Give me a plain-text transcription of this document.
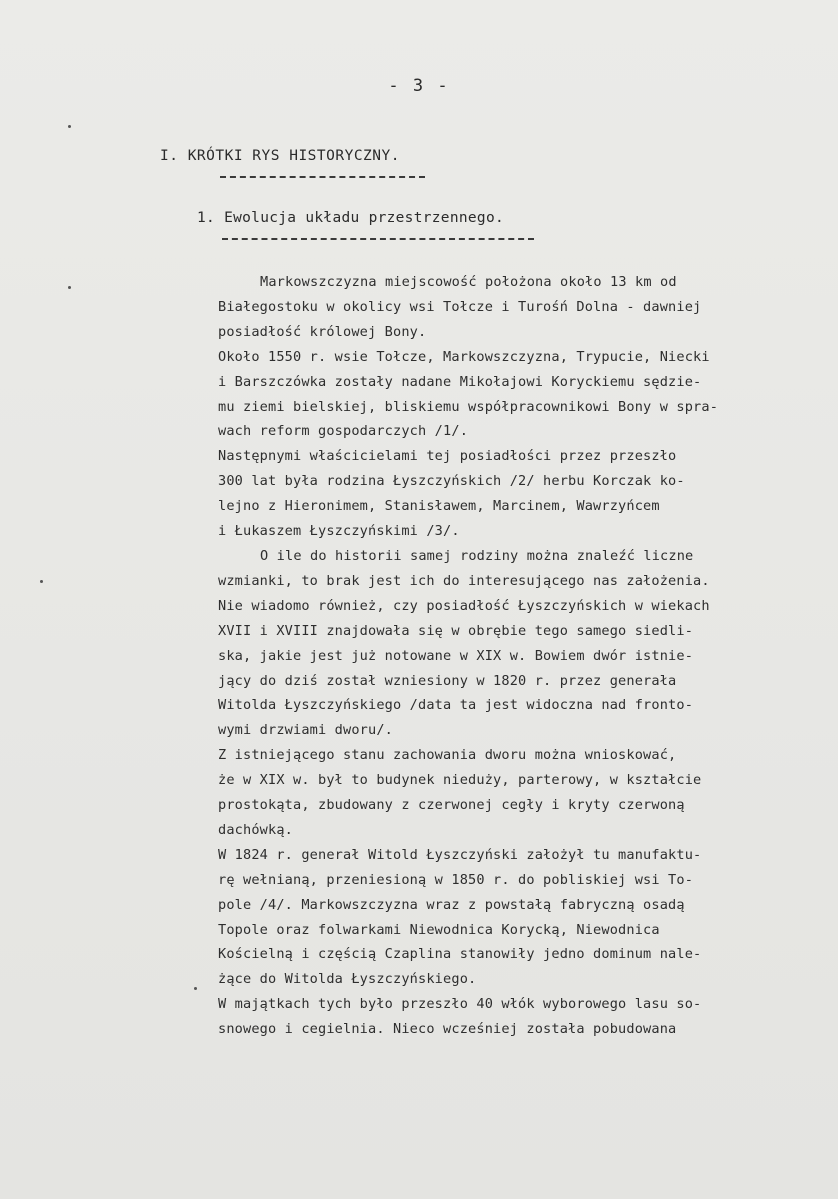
- 3 -
I. KRÓTKI RYS HISTORYCZNY.
1. Ewolucja układu przestrzennego.
Markowszczyzna miejscowość położona około 13 km od
Białegostoku w okolicy wsi Tołcze i Turośń Dolna - dawniej
posiadłość królowej Bony.
Około 1550 r. wsie Tołcze, Markowszczyzna, Trypucie, Niecki
i Barszczówka zostały nadane Mikołajowi Koryckiemu sędzie-
mu ziemi bielskiej, bliskiemu współpracownikowi Bony w spra-
wach reform gospodarczych /1/.
Następnymi właścicielami tej posiadłości przez przeszło
300 lat była rodzina Łyszczyńskich /2/ herbu Korczak ko-
lejno z Hieronimem, Stanisławem, Marcinem, Wawrzyńcem
i Łukaszem Łyszczyńskimi /3/.
O ile do historii samej rodziny można znaleźć liczne
wzmianki, to brak jest ich do interesującego nas założenia.
Nie wiadomo również, czy posiadłość Łyszczyńskich w wiekach
XVII i XVIII znajdowała się w obrębie tego samego siedli-
ska, jakie jest już notowane w XIX w. Bowiem dwór istnie-
jący do dziś został wzniesiony w 1820 r. przez generała
Witolda Łyszczyńskiego /data ta jest widoczna nad fronto-
wymi drzwiami dworu/.
Z istniejącego stanu zachowania dworu można wnioskować,
że w XIX w. był to budynek nieduży, parterowy, w kształcie
prostokąta, zbudowany z czerwonej cegły i kryty czerwoną
dachówką.
W 1824 r. generał Witold Łyszczyński założył tu manufaktu-
rę wełnianą, przeniesioną w 1850 r. do pobliskiej wsi To-
pole /4/. Markowszczyzna wraz z powstałą fabryczną osadą
Topole oraz folwarkami Niewodnica Korycką, Niewodnica
Kościelną i częścią Czaplina stanowiły jedno dominum nale-
żące do Witolda Łyszczyńskiego.
W majątkach tych było przeszło 40 włók wyborowego lasu so-
snowego i cegielnia. Nieco wcześniej została pobudowana
